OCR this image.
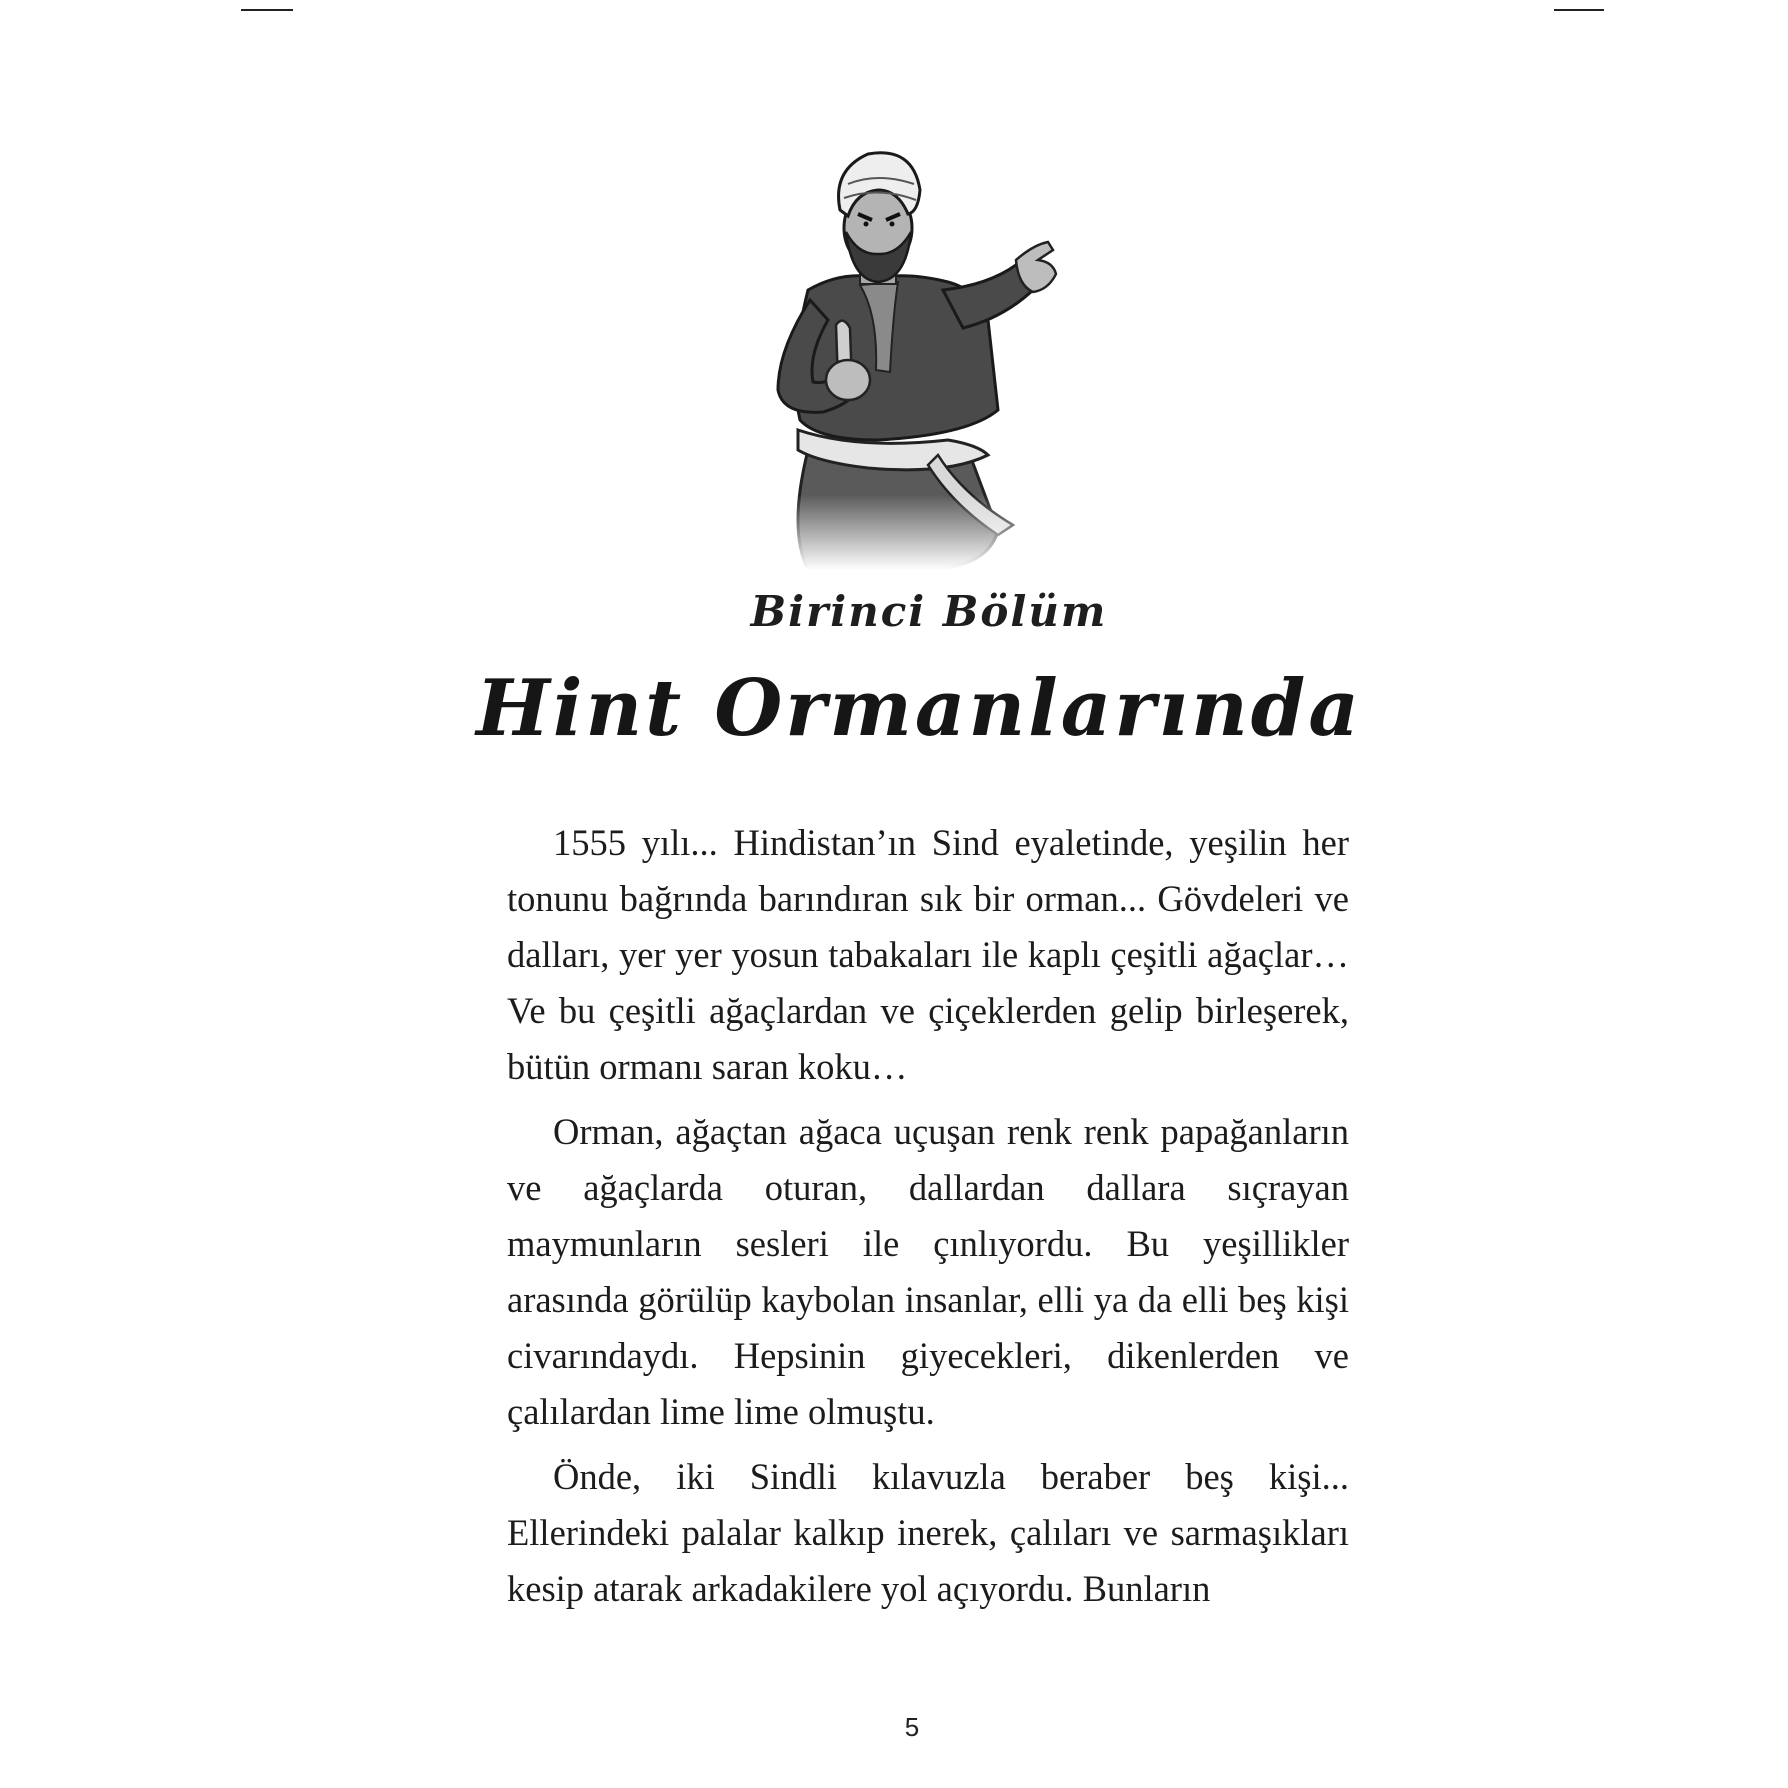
Birinci Bölüm
Hint Ormanlarında

1555 yılı... Hindistan’ın Sind eyaletinde, yeşilin her tonunu bağrında barındıran sık bir orman... Gövdeleri ve dalları, yer yer yosun tabakaları ile kaplı çeşitli ağaçlar… Ve bu çeşitli ağaçlardan ve çiçeklerden gelip birleşerek, bütün ormanı saran koku…

Orman, ağaçtan ağaca uçuşan renk renk papağanların ve ağaçlarda oturan, dallardan dallara sıçrayan maymunların sesleri ile çınlıyordu. Bu yeşillikler arasında görülüp kaybolan insanlar, elli ya da elli beş kişi civarındaydı. Hepsinin giyecekleri, dikenlerden ve çalılardan lime lime olmuştu.

Önde, iki Sindli kılavuzla beraber beş kişi... Ellerindeki palalar kalkıp inerek, çalıları ve sarmaşıkları kesip atarak arkadakilere yol açıyordu. Bunların

5
